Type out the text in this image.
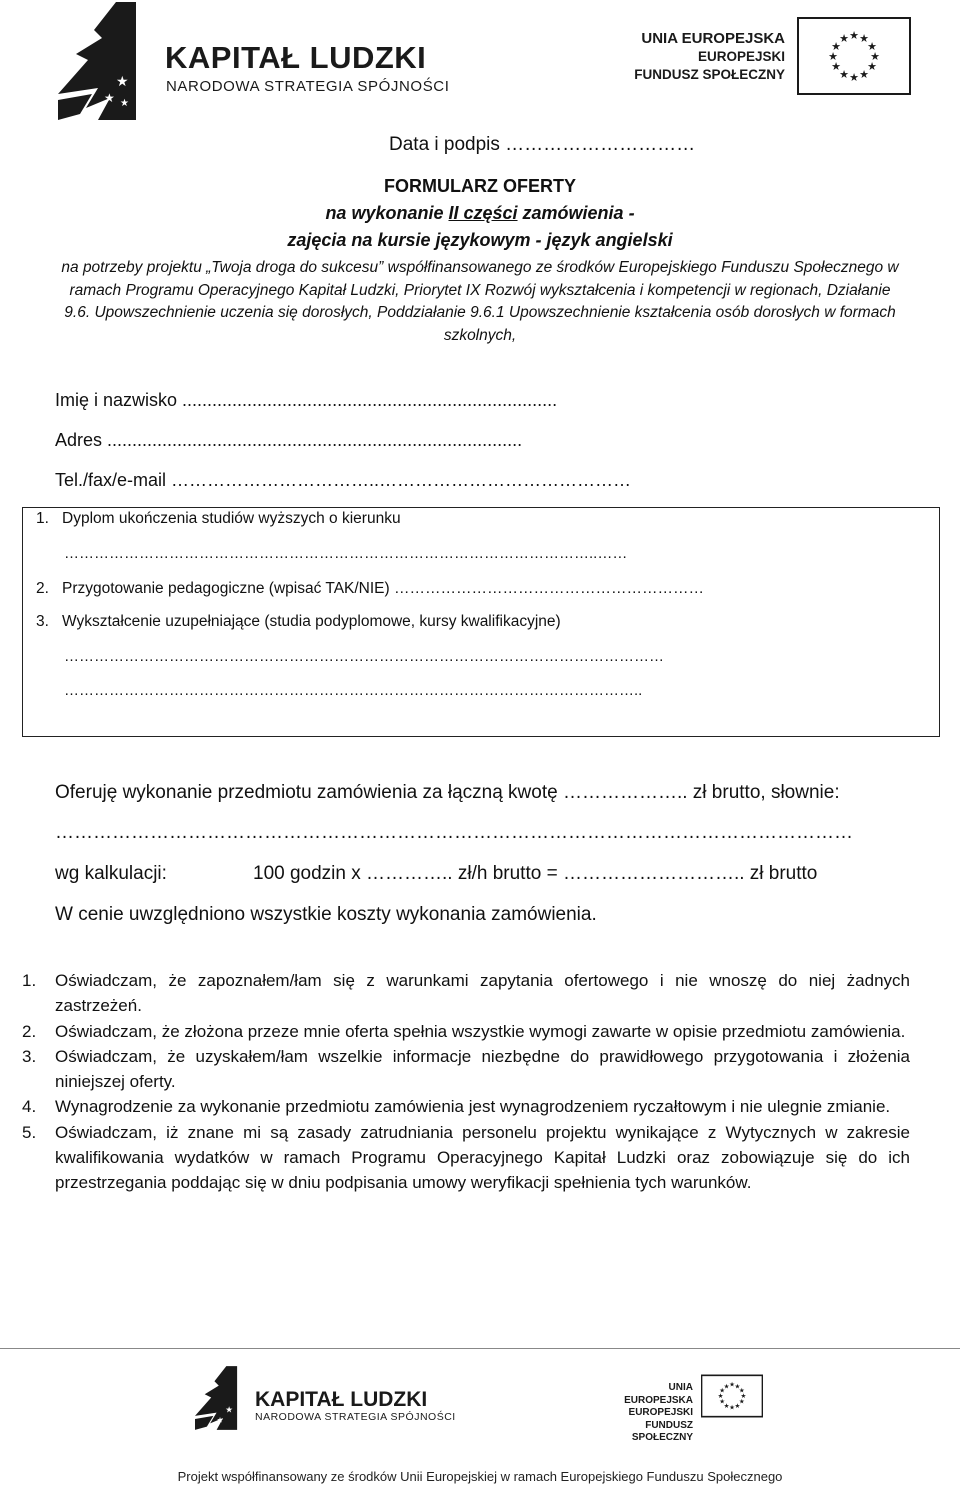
★
★ ★
★
KAPITAŁ LUDZKI
NARODOWA STRATEGIA SPÓJNOŚCI
UNIA EUROPEJSKA
EUROPEJSKI
FUNDUSZ SPOŁECZNY
★ ★
★
★
★
★
★
★
★
★
★
★
Data i podpis …………………………
FORMULARZ OFERTY
na wykonanie II części zamówienia -
zajęcia na kursie językowym - język angielski
na potrzeby projektu „Twoja droga do sukcesu” współfinansowanego ze środków Europejskiego Funduszu Społecznego w ramach Programu Operacyjnego Kapitał Ludzki, Priorytet IX Rozwój wykształcenia i kompetencji w regionach, Działanie 9.6. Upowszechnienie uczenia się dorosłych, Poddziałanie 9.6.1 Upowszechnienie kształcenia osób dorosłych w formach szkolnych,
Imię i nazwisko ...........................................................................
Adres ...................................................................................
Tel./fax/e-mail ……………………………..……………………………………
1. Dyplom ukończenia studiów wyższych o kierunku
……………………………………………………………………………………………..……
2. Przygotowanie pedagogiczne (wpisać TAK/NIE) ……………………………………………………
3. Wykształcenie uzupełniające (studia podyplomowe, kursy kwalifikacyjne)
…………………………………………………………………………………………………………
……………………………………………………………………………………………………..
Oferuję wykonanie przedmiotu zamówienia za łączną kwotę ……………….. zł brutto, słownie:
………………………………………………………………………………………………………………
wg kalkulacji:	100 godzin x ………….. zł/h brutto = ……………………….. zł brutto
W cenie uwzględniono wszystkie koszty wykonania zamówienia.
1. Oświadczam, że zapoznałem/łam się z warunkami zapytania ofertowego i nie wnoszę do niej żadnych zastrzeżeń.
2. Oświadczam, że złożona przeze mnie oferta spełnia wszystkie wymogi zawarte w opisie przedmiotu zamówienia.
3. Oświadczam, że uzyskałem/łam wszelkie informacje niezbędne do prawidłowego przygotowania i złożenia niniejszej oferty.
4. Wynagrodzenie za wykonanie przedmiotu zamówienia jest wynagrodzeniem ryczałtowym i nie ulegnie zmianie.
5. Oświadczam, iż znane mi są zasady zatrudniania personelu projektu wynikające z Wytycznych w zakresie kwalifikowania wydatków w ramach Programu Operacyjnego Kapitał Ludzki oraz zobowiązuje się do ich przestrzegania poddając się w dniu podpisania umowy weryfikacji spełnienia tych warunków.
★
★
KAPITAŁ LUDZKI
NARODOWA STRATEGIA SPÓJNOŚCI
UNIA EUROPEJSKA
EUROPEJSKI
FUNDUSZ SPOŁECZNY
★ ★
★
★
★
★
★
★
★
★
★
★
Projekt współfinansowany ze środków Unii Europejskiej w ramach Europejskiego Funduszu Społecznego
